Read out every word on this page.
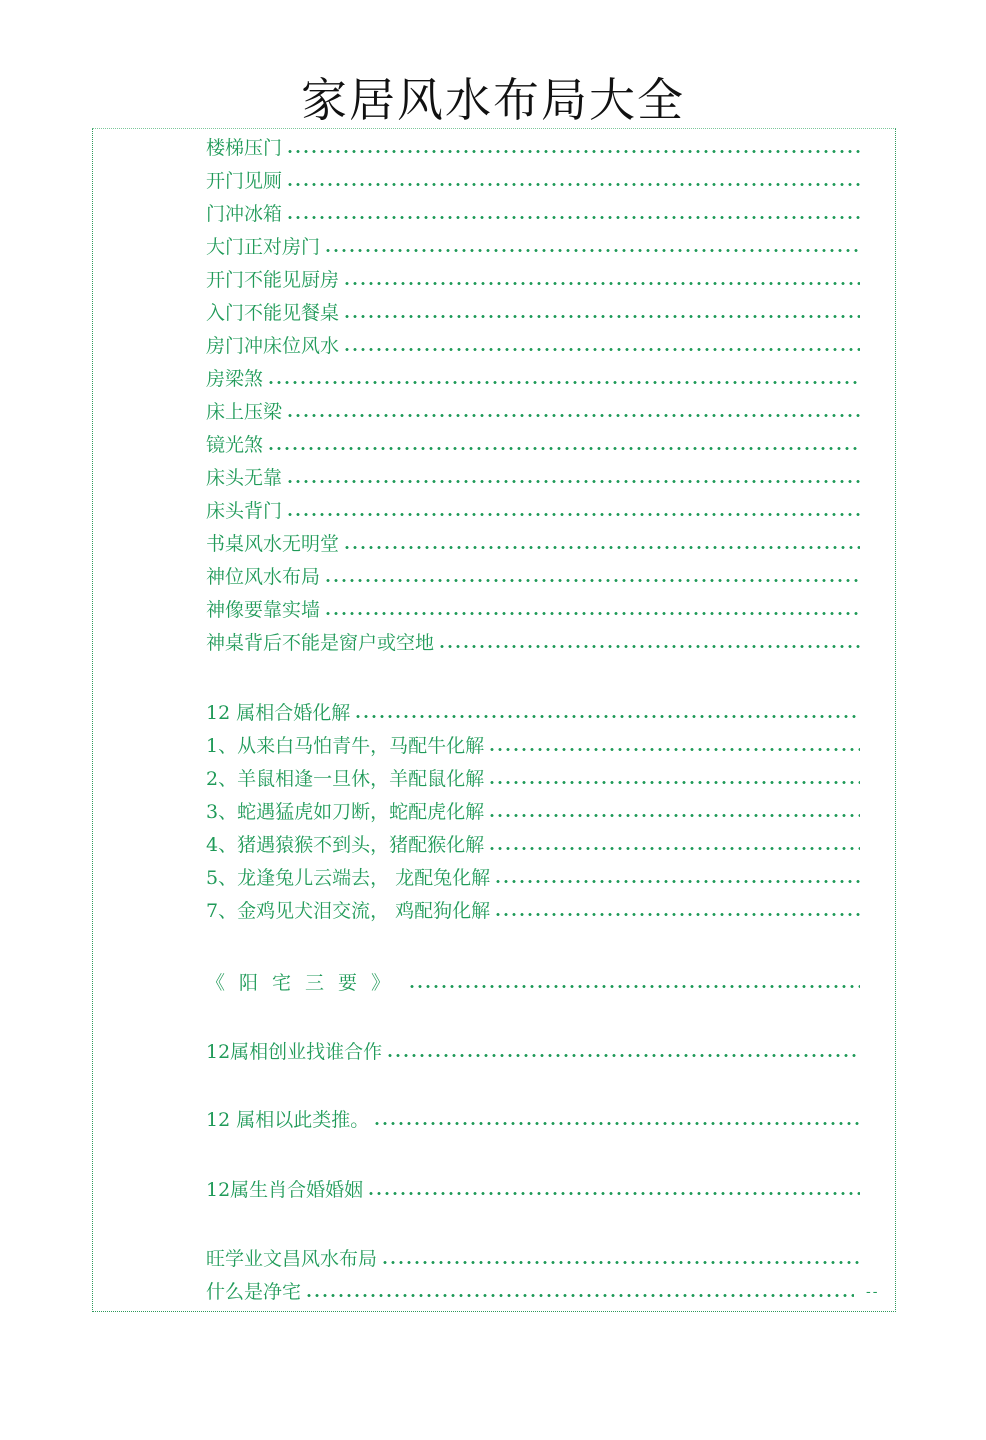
家居风水布局大全
楼梯压门
开门见厕
门冲冰箱
大门正对房门
开门不能见厨房
入门不能见餐桌
房门冲床位风水
房梁煞
床上压梁
镜光煞
床头无靠
床头背门
书桌风水无明堂
神位风水布局
神像要靠实墙
神桌背后不能是窗户或空地
12 属相合婚化解
1、从来白马怕青牛，马配牛化解
2、羊鼠相逢一旦休，羊配鼠化解
3、蛇遇猛虎如刀断，蛇配虎化解
4、猪遇猿猴不到头，猪配猴化解
5、龙逢兔儿云端去， 龙配兔化解
7、金鸡见犬泪交流， 鸡配狗化解
《阳宅三要》
12属相创业找谁合作
12 属相以此类推。
12属生肖合婚婚姻
旺学业文昌风水布局
什么是净宅	--
